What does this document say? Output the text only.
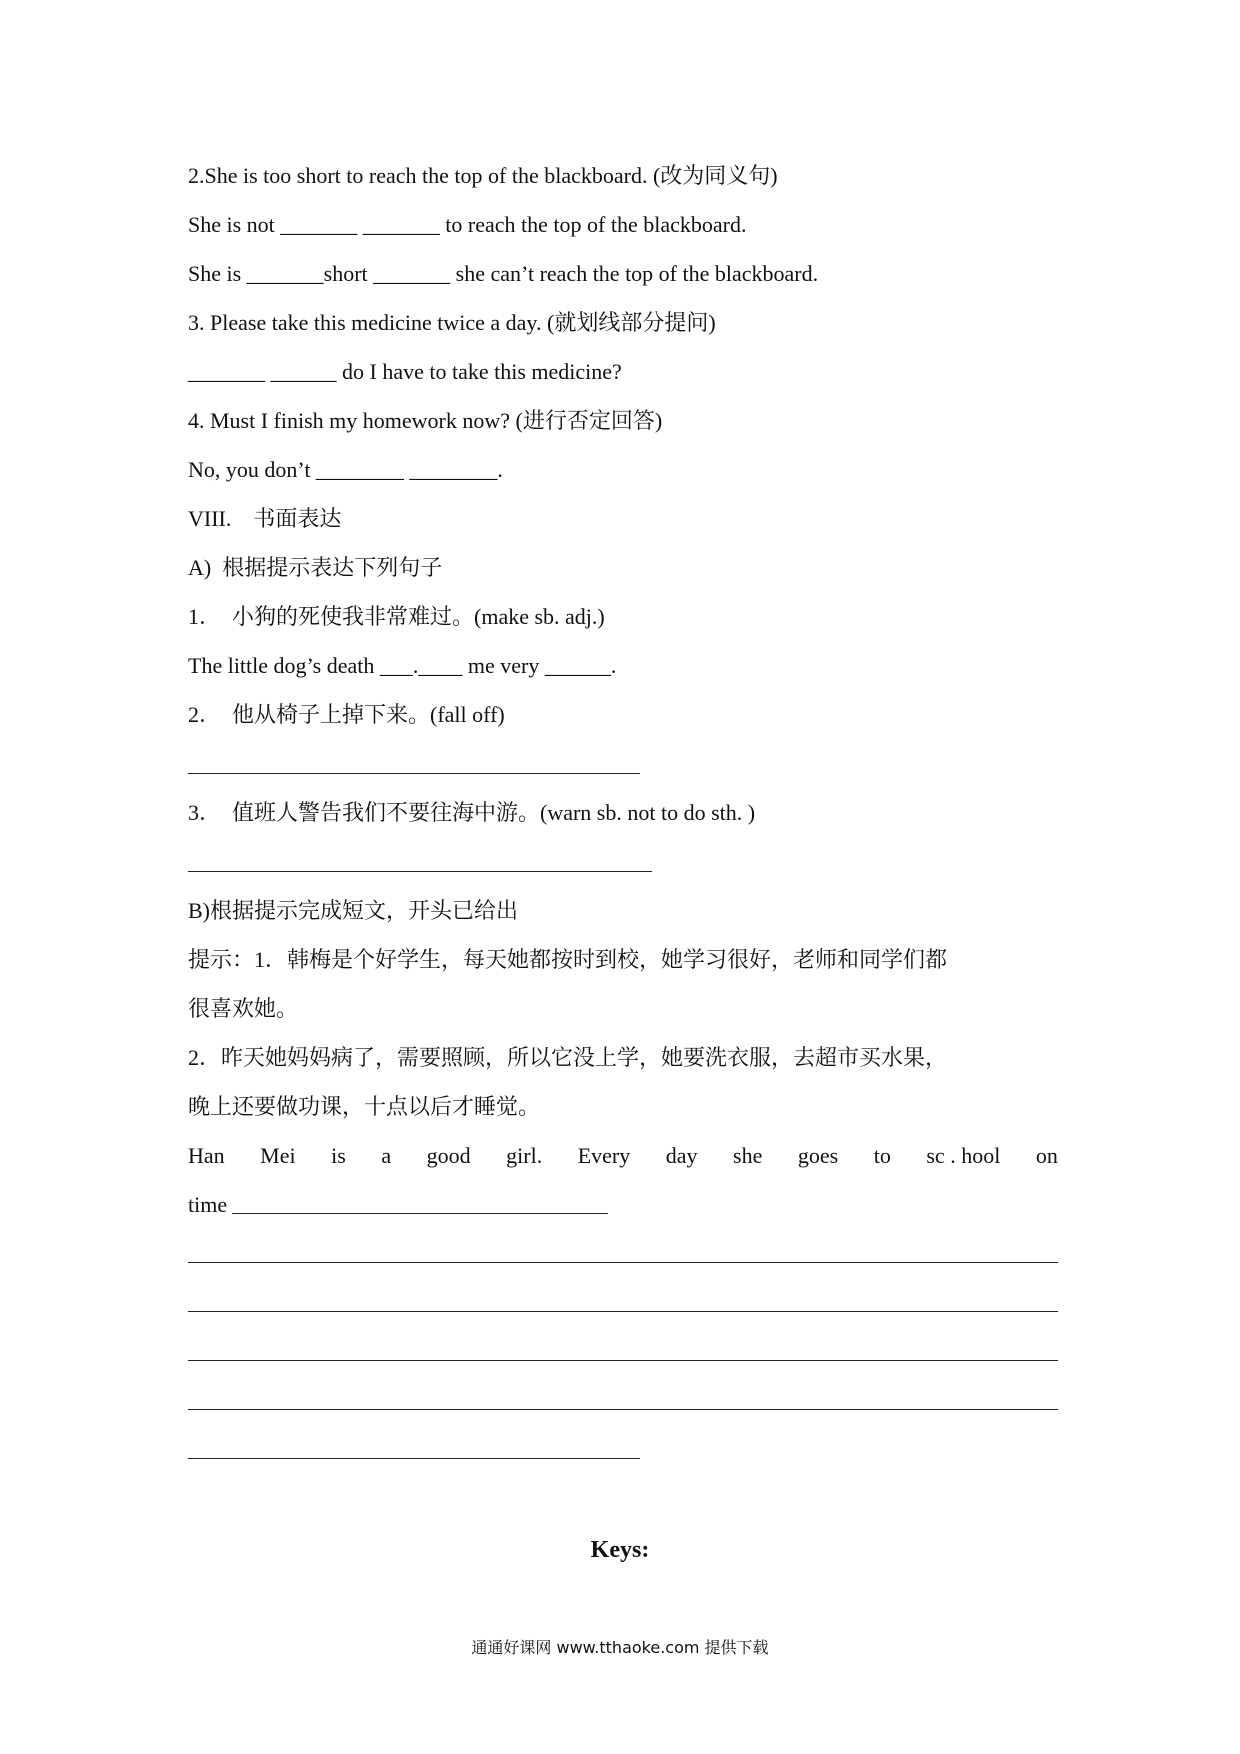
2.She is too short to reach the top of the blackboard. (改为同义句)

She is not _______ _______ to reach the top of the blackboard.

She is _______short _______ she can’t reach the top of the blackboard.

3. Please take this medicine twice a day. (就划线部分提问)

_______ ______ do I have to take this medicine?

4. Must I finish my homework now? (进行否定回答)

No, you don’t ________ ________.

VIII.    书面表达

A)  根据提示表达下列句子

1．  小狗的死使我非常难过。(make sb. adj.)

The little dog’s death ___.____ me very ______.

2．  他从椅子上掉下来。(fall off)

3．  值班人警告我们不要往海中游。(warn sb. not to do sth. )

B)根据提示完成短文，开头已给出

提示：1．韩梅是个好学生，每天她都按时到校，她学习很好，老师和同学们都

很喜欢她。

2．昨天她妈妈病了，需要照顾，所以它没上学，她要洗衣服，去超市买水果，

晚上还要做功课，十点以后才睡觉。

Han Mei is a good girl. Every day she goes to sc . hool on

time

Keys:
通通好课网 www.tthaoke.com 提供下载
